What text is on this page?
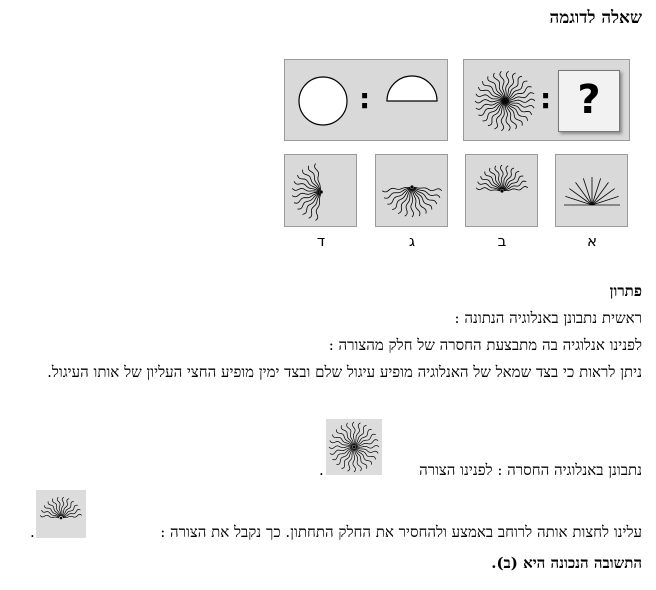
שאלה לדוגמה
:	: ?
א
ב
ג
ד
פתרון
ראשית נתבונן באנלוגיה הנתונה :
לפנינו אנלוגיה בה מתבצעת החסרה של חלק מהצורה :
ניתן לראות כי בצד שמאל של האנלוגיה מופיע עיגול שלם ובצד ימין מופיע החצי העליון של אותו העיגול.
נתבונן באנלוגיה החסרה : לפנינו הצורה
.
עלינו לחצות אותה לרוחב באמצע ולהחסיר את החלק התחתון. כך נקבל את הצורה :
.
התשובה הנכונה היא (ב).
